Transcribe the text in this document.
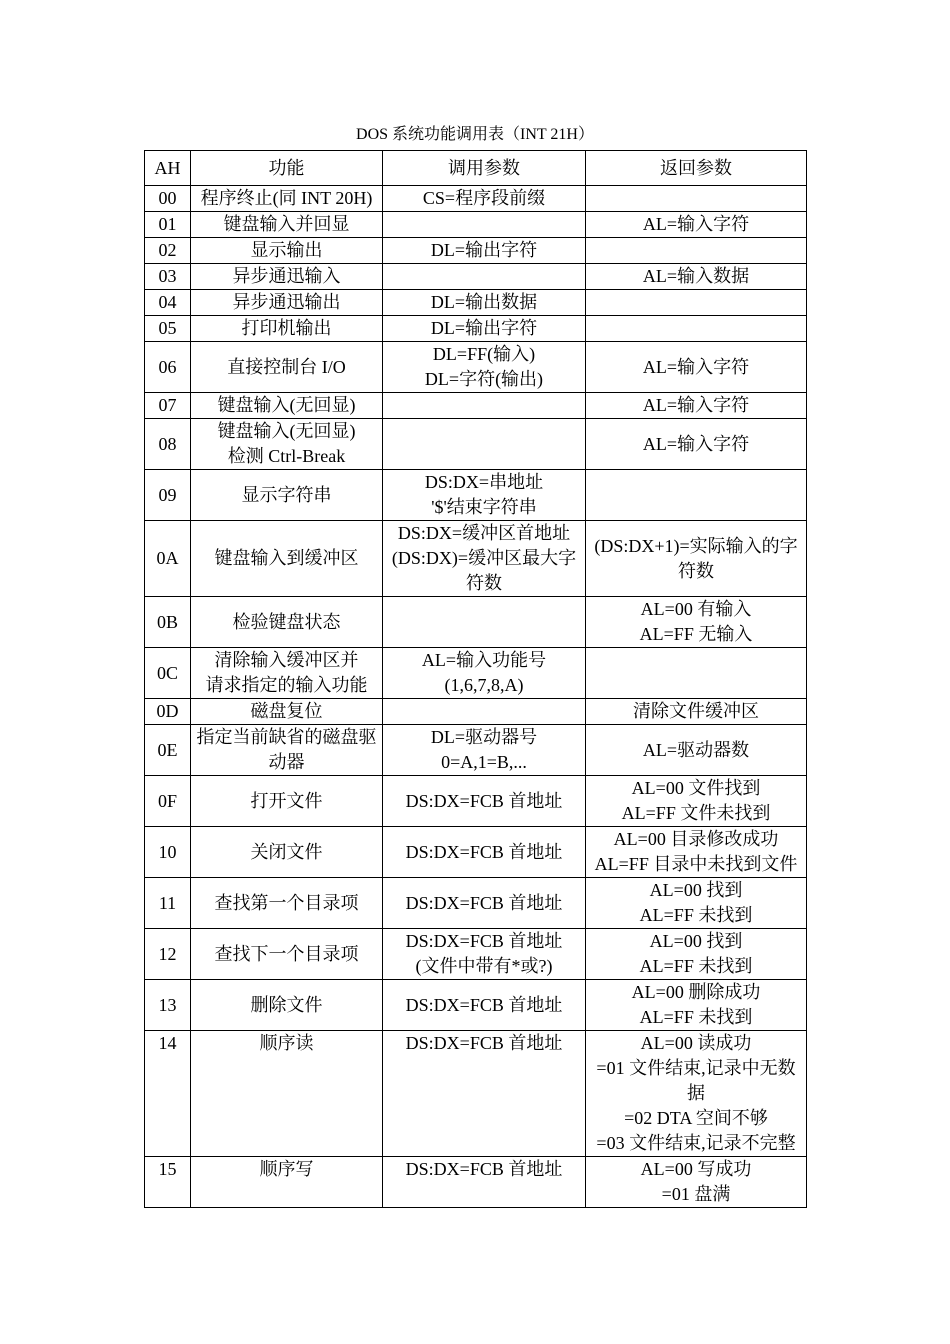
DOS 系统功能调用表（INT 21H）
AH	功能	调用参数	返回参数
00	程序终止(同 INT 20H)	CS=程序段前缀	

01	键盘输入并回显		AL=输入字符

02	显示输出	DL=输出字符	

03	异步通迅输入		AL=输入数据

04	异步通迅输出	DL=输出数据	

05	打印机输出	DL=输出字符	

06	直接控制台 I/O	DL=FF(输入)
DL=字符(输出)	AL=输入字符

07	键盘输入(无回显)		AL=输入字符

08	键盘输入(无回显)
检测 Ctrl-Break		AL=输入字符

09	显示字符串	DS:DX=串地址
'$'结束字符串	

0A	键盘输入到缓冲区	DS:DX=缓冲区首地址
(DS:DX)=缓冲区最大字
符数	(DS:DX+1)=实际输入的字
符数

0B	检验键盘状态		AL=00 有输入
AL=FF 无输入

0C	清除输入缓冲区并
请求指定的输入功能	AL=输入功能号
(1,6,7,8,A)	

0D	磁盘复位		清除文件缓冲区

0E	指定当前缺省的磁盘驱
动器	DL=驱动器号
0=A,1=B,...	AL=驱动器数

0F	打开文件	DS:DX=FCB 首地址	AL=00 文件找到
AL=FF 文件未找到

10	关闭文件	DS:DX=FCB 首地址	AL=00 目录修改成功
AL=FF 目录中未找到文件

11	查找第一个目录项	DS:DX=FCB 首地址	AL=00 找到
AL=FF 未找到

12	查找下一个目录项	DS:DX=FCB 首地址
(文件中带有*或?)	AL=00 找到
AL=FF 未找到

13	删除文件	DS:DX=FCB 首地址	AL=00 删除成功
AL=FF 未找到

14	顺序读	DS:DX=FCB 首地址	AL=00 读成功
=01 文件结束,记录中无数
据
=02 DTA 空间不够
=03 文件结束,记录不完整

15	顺序写	DS:DX=FCB 首地址	AL=00 写成功
=01 盘满
